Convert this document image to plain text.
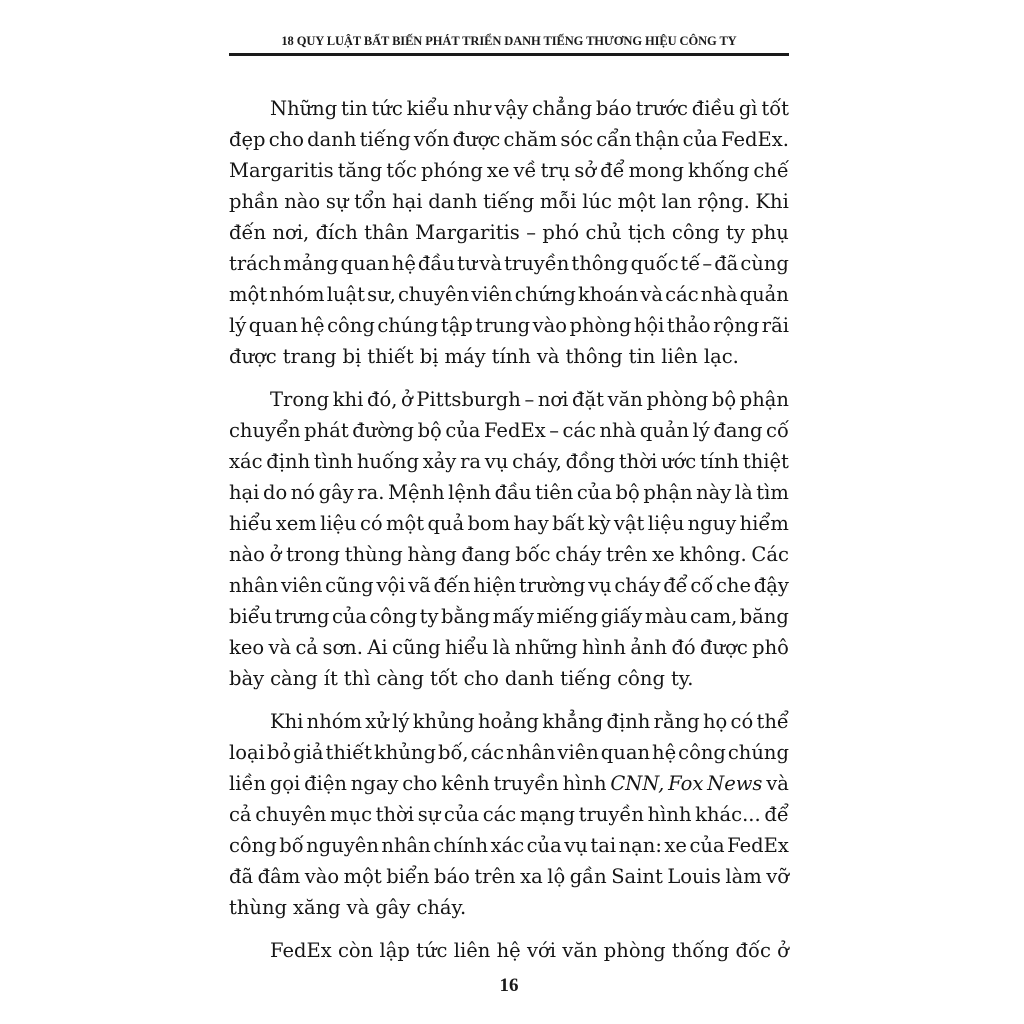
18 QUY LUẬT BẤT BIẾN PHÁT TRIỂN DANH TIẾNG THƯƠNG HIỆU CÔNG TY
Những tin tức kiểu như vậy chẳng báo trước điều gì tốt
đẹp cho danh tiếng vốn được chăm sóc cẩn thận của FedEx.
Margaritis tăng tốc phóng xe về trụ sở để mong khống chế
phần nào sự tổn hại danh tiếng mỗi lúc một lan rộng. Khi
đến nơi, đích thân Margaritis – phó chủ tịch công ty phụ
trách mảng quan hệ đầu tư và truyền thông quốc tế – đã cùng
một nhóm luật sư, chuyên viên chứng khoán và các nhà quản
lý quan hệ công chúng tập trung vào phòng hội thảo rộng rãi
được trang bị thiết bị máy tính và thông tin liên lạc.
Trong khi đó, ở Pittsburgh – nơi đặt văn phòng bộ phận
chuyển phát đường bộ của FedEx – các nhà quản lý đang cố
xác định tình huống xảy ra vụ cháy, đồng thời ước tính thiệt
hại do nó gây ra. Mệnh lệnh đầu tiên của bộ phận này là tìm
hiểu xem liệu có một quả bom hay bất kỳ vật liệu nguy hiểm
nào ở trong thùng hàng đang bốc cháy trên xe không. Các
nhân viên cũng vội vã đến hiện trường vụ cháy để cố che đậy
biểu trưng của công ty bằng mấy miếng giấy màu cam, băng
keo và cả sơn. Ai cũng hiểu là những hình ảnh đó được phô
bày càng ít thì càng tốt cho danh tiếng công ty.
Khi nhóm xử lý khủng hoảng khẳng định rằng họ có thể
loại bỏ giả thiết khủng bố, các nhân viên quan hệ công chúng
liền gọi điện ngay cho kênh truyền hình CNN, Fox News và
cả chuyên mục thời sự của các mạng truyền hình khác... để
công bố nguyên nhân chính xác của vụ tai nạn: xe của FedEx
đã đâm vào một biển báo trên xa lộ gần Saint Louis làm vỡ
thùng xăng và gây cháy.
FedEx còn lập tức liên hệ với văn phòng thống đốc ở
16
